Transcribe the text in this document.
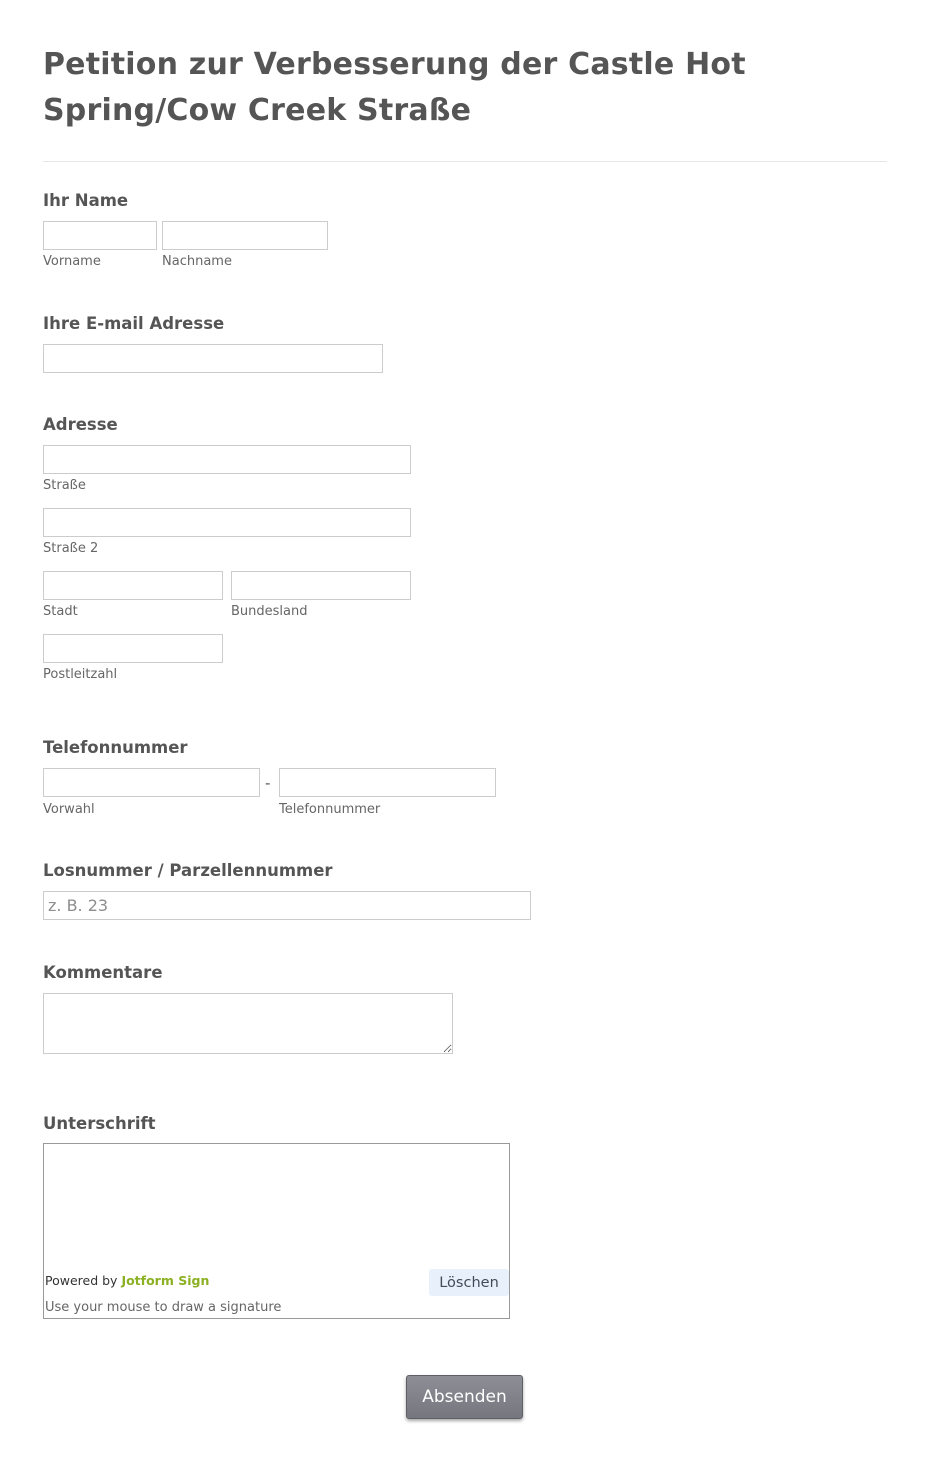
Petition zur Verbesserung der Castle Hot Spring/Cow Creek Straße
Ihr Name
Vorname	Nachname
Ihre E-mail Adresse
Adresse
Straße
Straße 2
Stadt	Bundesland
Postleitzahl
Telefonnummer
-
Vorwahl	Telefonnummer
Losnummer / Parzellennummer
z. B. 23
Kommentare
Unterschrift
Powered by Jotform Sign	Löschen
Use your mouse to draw a signature
Absenden
